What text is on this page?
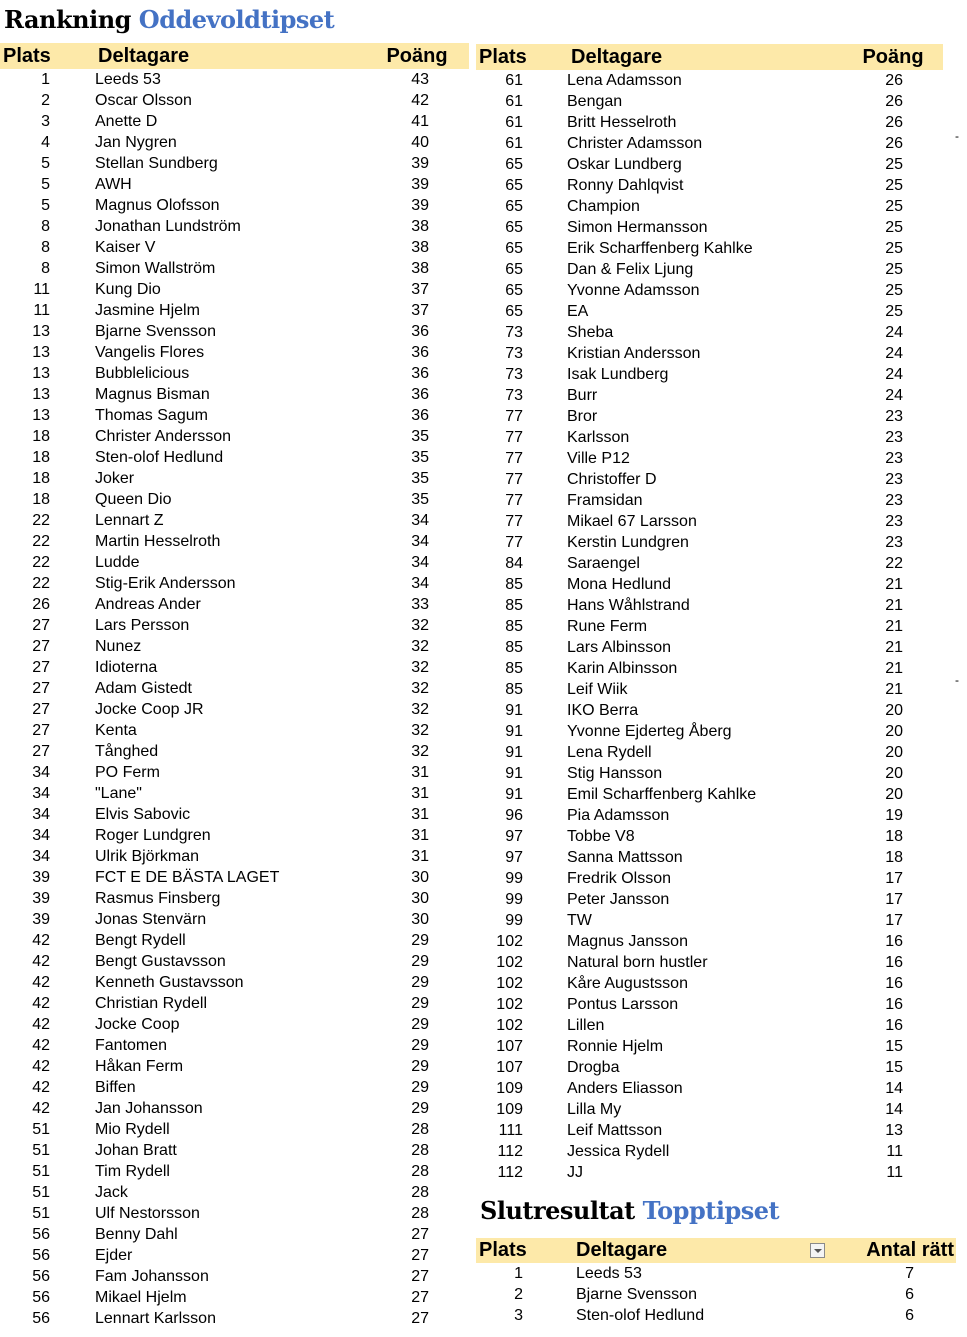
Rankning Oddevoldtipset
Plats	Deltagare	Poäng
1	Leeds 53	43
2	Oscar Olsson	42
3	Anette D	41
4	Jan Nygren	40
5	Stellan Sundberg	39
5	AWH	39
5	Magnus Olofsson	39
8	Jonathan Lundström	38
8	Kaiser V	38
8	Simon Wallström	38
11	Kung Dio	37
11	Jasmine Hjelm	37
13	Bjarne Svensson	36
13	Vangelis Flores	36
13	Bubblelicious	36
13	Magnus Bisman	36
13	Thomas Sagum	36
18	Christer Andersson	35
18	Sten-olof Hedlund	35
18	Joker	35
18	Queen Dio	35
22	Lennart Z	34
22	Martin Hesselroth	34
22	Ludde	34
22	Stig-Erik Andersson	34
26	Andreas Ander	33
27	Lars Persson	32
27	Nunez	32
27	Idioterna	32
27	Adam Gistedt	32
27	Jocke Coop JR	32
27	Kenta	32
27	Tånghed	32
34	PO Ferm	31
34	"Lane"	31
34	Elvis Sabovic	31
34	Roger Lundgren	31
34	Ulrik Björkman	31
39	FCT E DE BÄSTA LAGET	30
39	Rasmus Finsberg	30
39	Jonas Stenvärn	30
42	Bengt Rydell	29
42	Bengt Gustavsson	29
42	Kenneth Gustavsson	29
42	Christian Rydell	29
42	Jocke Coop	29
42	Fantomen	29
42	Håkan Ferm	29
42	Biffen	29
42	Jan Johansson	29
51	Mio Rydell	28
51	Johan Bratt	28
51	Tim Rydell	28
51	Jack	28
51	Ulf Nestorsson	28
56	Benny Dahl	27
56	Ejder	27
56	Fam Johansson	27
56	Mikael Hjelm	27
56	Lennart Karlsson	27
Plats	Deltagare	Poäng
61	Lena Adamsson	26
61	Bengan	26
61	Britt Hesselroth	26
61	Christer Adamsson	26
65	Oskar Lundberg	25
65	Ronny Dahlqvist	25
65	Champion	25
65	Simon Hermansson	25
65	Erik Scharffenberg Kahlke	25
65	Dan & Felix Ljung	25
65	Yvonne Adamsson	25
65	EA	25
73	Sheba	24
73	Kristian Andersson	24
73	Isak Lundberg	24
73	Burr	24
77	Bror	23
77	Karlsson	23
77	Ville P12	23
77	Christoffer D	23
77	Framsidan	23
77	Mikael 67 Larsson	23
77	Kerstin Lundgren	23
84	Saraengel	22
85	Mona Hedlund	21
85	Hans Wåhlstrand	21
85	Rune Ferm	21
85	Lars Albinsson	21
85	Karin Albinsson	21
85	Leif Wiik	21
91	IKO Berra	20
91	Yvonne Ejderteg Åberg	20
91	Lena Rydell	20
91	Stig Hansson	20
91	Emil Scharffenberg Kahlke	20
96	Pia Adamsson	19
97	Tobbe V8	18
97	Sanna Mattsson	18
99	Fredrik Olsson	17
99	Peter Jansson	17
99	TW	17
102	Magnus Jansson	16
102	Natural born hustler	16
102	Kåre Augustsson	16
102	Pontus Larsson	16
102	Lillen	16
107	Ronnie Hjelm	15
107	Drogba	15
109	Anders Eliasson	14
109	Lilla My	14
111	Leif Mattsson	13
112	Jessica Rydell	11
112	JJ	11
-
-
Slutresultat Topptipset
Plats	Deltagare	Antal rätt
1	Leeds 53	7
2	Bjarne Svensson	6
3	Sten-olof Hedlund	6
